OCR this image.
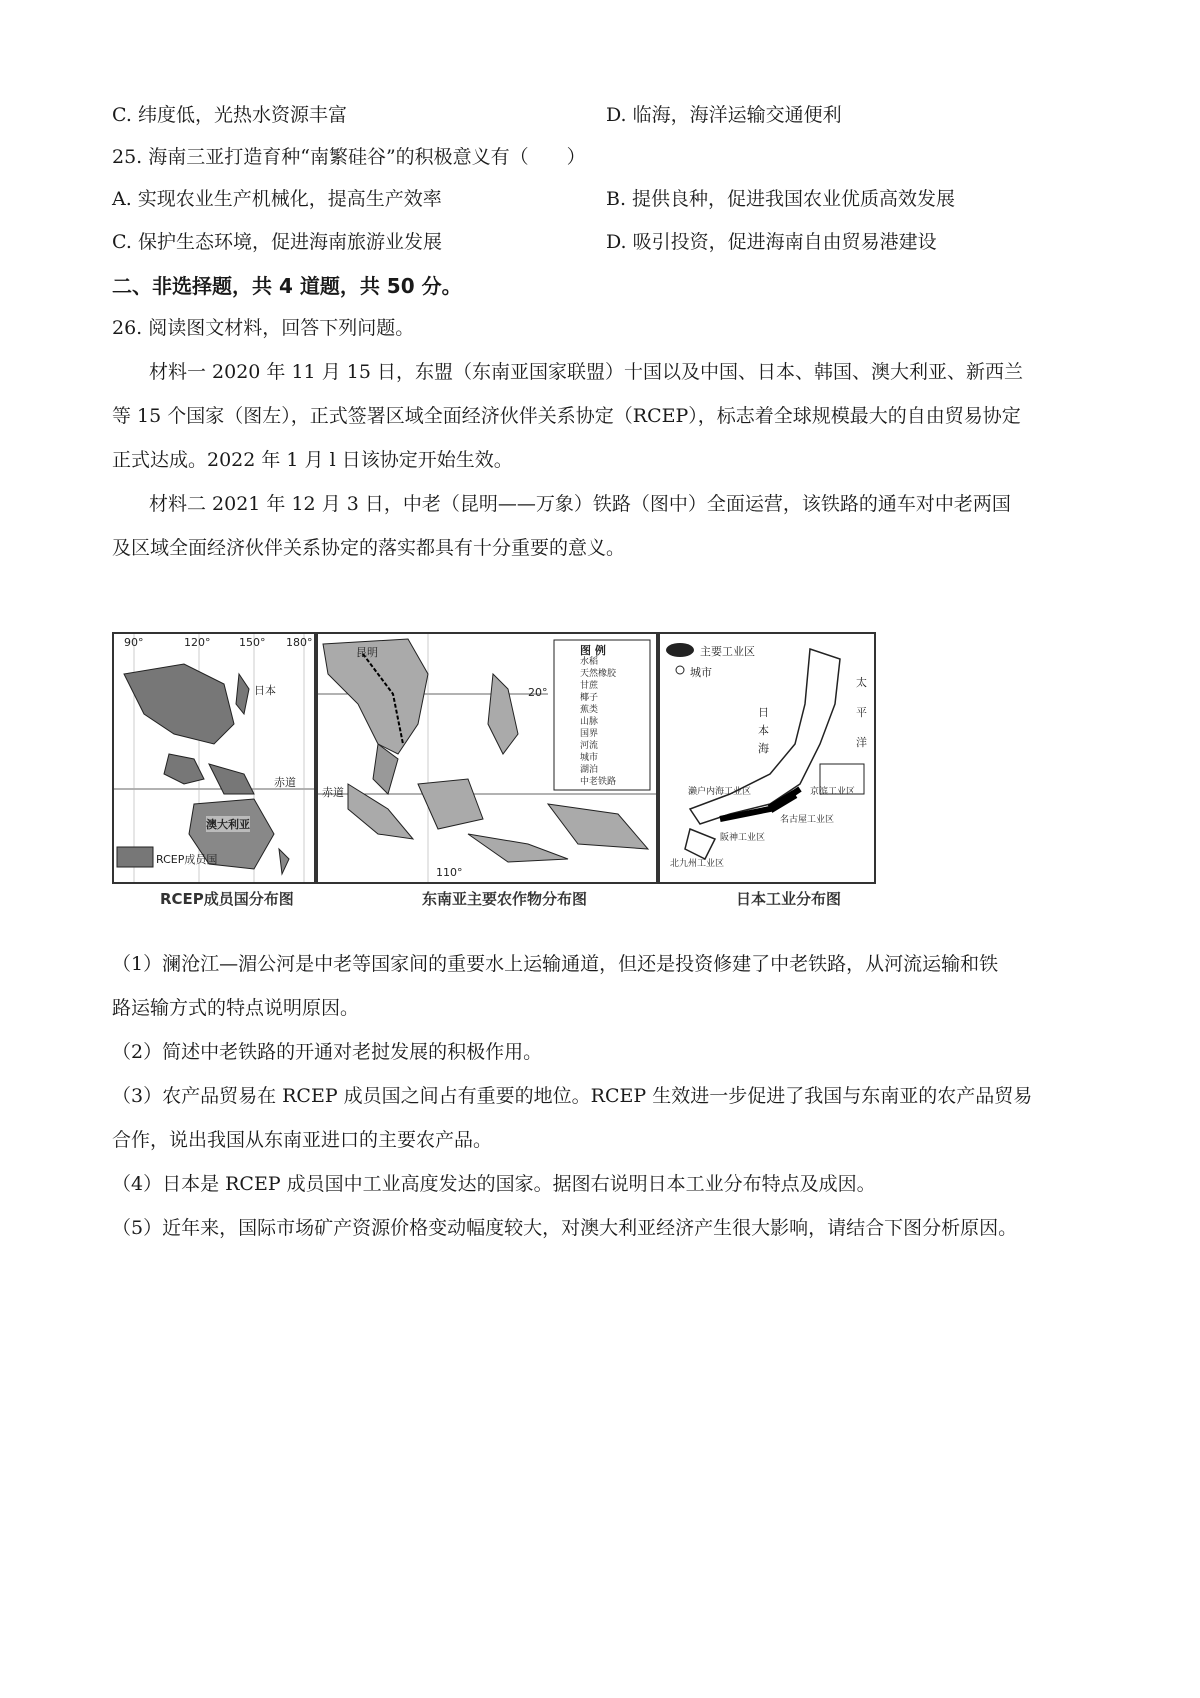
C. 纬度低，光热水资源丰富	D. 临海，海洋运输交通便利
25. 海南三亚打造育种“南繁硅谷”的积极意义有（　　）
A. 实现农业生产机械化，提高生产效率	B. 提供良种，促进我国农业优质高效发展
C. 保护生态环境，促进海南旅游业发展	D. 吸引投资，促进海南自由贸易港建设
二、非选择题，共 4 道题，共 50 分。
26. 阅读图文材料，回答下列问题。
材料一 2020 年 11 月 15 日，东盟（东南亚国家联盟）十国以及中国、日本、韩国、澳大利亚、新西兰
等 15 个国家（图左），正式签署区域全面经济伙伴关系协定（RCEP），标志着全球规模最大的自由贸易协定
正式达成。2022 年 1 月 l 日该协定开始生效。
材料二 2021 年 12 月 3 日，中老（昆明——万象）铁路（图中）全面运营，该铁路的通车对中老两国
及区域全面经济伙伴关系协定的落实都具有十分重要的意义。
90°	120°	150° 180°
日本
赤道
澳大利亚
RCEP成员国
昆明
20°
赤道
110°
图 例
水稻
天然橡胶
甘蔗
椰子
蕉类
山脉
国界
河流
城市
湖泊
中老铁路
主要工业区
城市
日
本
海
太
平
洋
濑户内海工业区	京滨工业区
阪神工业区
名古屋工业区
北九州工业区
RCEP成员国分布图	东南亚主要农作物分布图	日本工业分布图
（1）澜沧江—湄公河是中老等国家间的重要水上运输通道，但还是投资修建了中老铁路，从河流运输和铁
路运输方式的特点说明原因。
（2）简述中老铁路的开通对老挝发展的积极作用。
（3）农产品贸易在 RCEP 成员国之间占有重要的地位。RCEP 生效进一步促进了我国与东南亚的农产品贸易
合作，说出我国从东南亚进口的主要农产品。
（4）日本是 RCEP 成员国中工业高度发达的国家。据图右说明日本工业分布特点及成因。
（5）近年来，国际市场矿产资源价格变动幅度较大，对澳大利亚经济产生很大影响，请结合下图分析原因。
